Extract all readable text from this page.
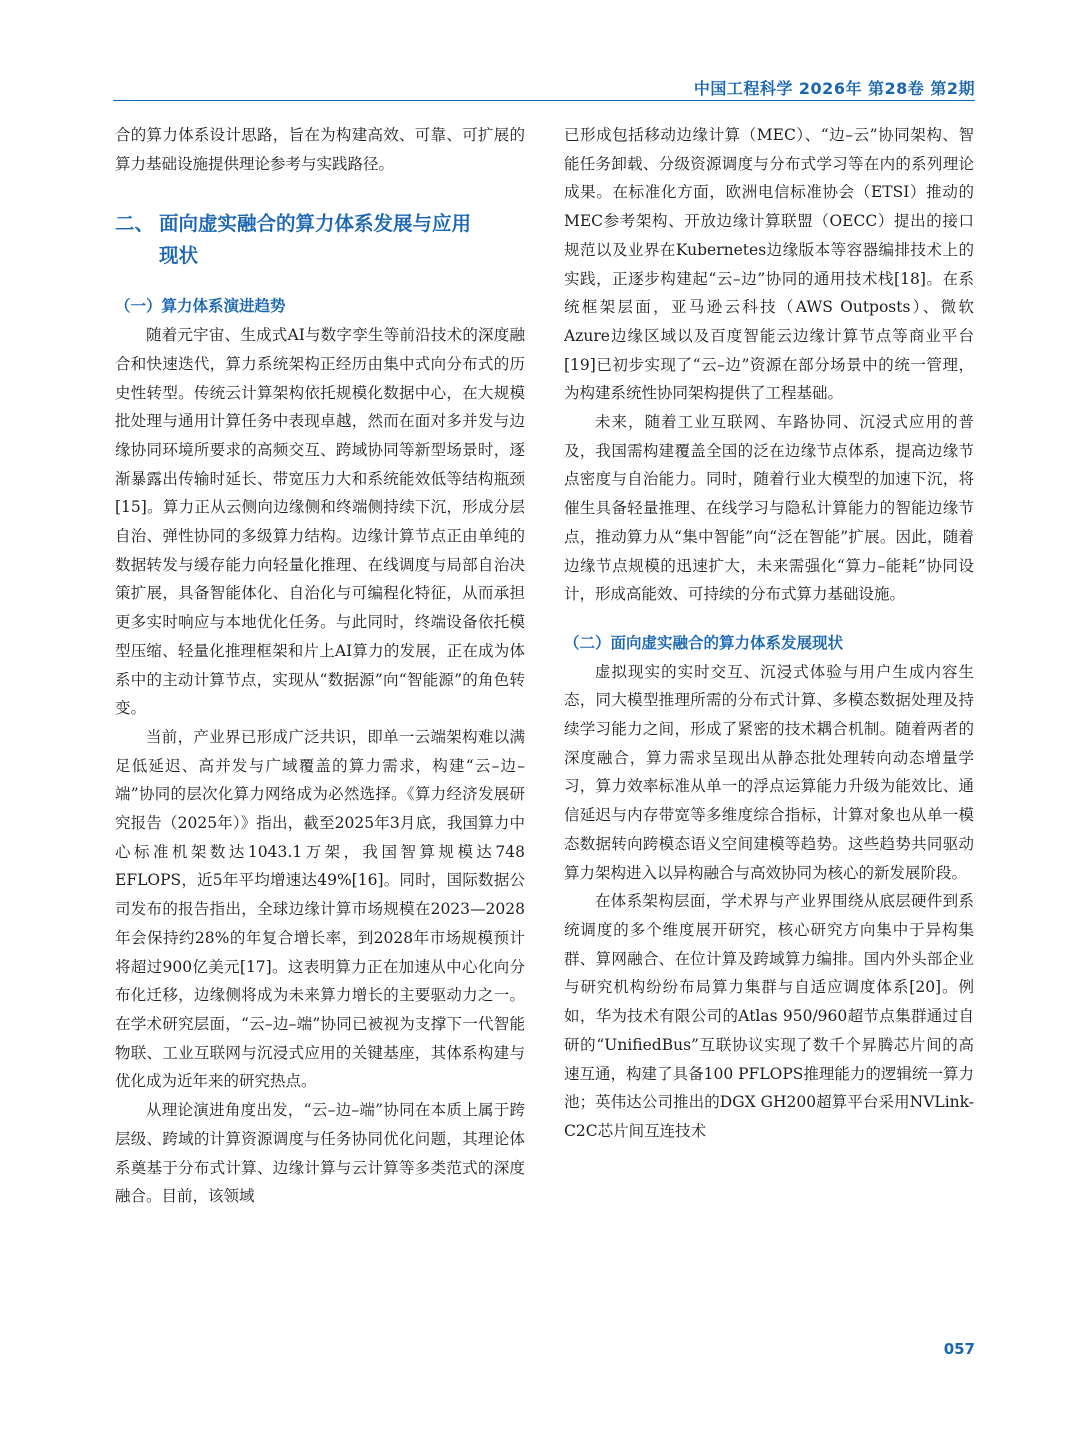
中国工程科学 2026年 第28卷 第2期

合的算力体系设计思路，旨在为构建高效、可靠、可扩展的算力基础设施提供理论参考与实践路径。

二、 面向虚实融合的算力体系发展与应用
现状
（一）算力体系演进趋势

随着元宇宙、生成式AI与数字孪生等前沿技术的深度融合和快速迭代，算力系统架构正经历由集中式向分布式的历史性转型。传统云计算架构依托规模化数据中心，在大规模批处理与通用计算任务中表现卓越，然而在面对多并发与边缘协同环境所要求的高频交互、跨域协同等新型场景时，逐渐暴露出传输时延长、带宽压力大和系统能效低等结构瓶颈[15]。算力正从云侧向边缘侧和终端侧持续下沉，形成分层自治、弹性协同的多级算力结构。边缘计算节点正由单纯的数据转发与缓存能力向轻量化推理、在线调度与局部自治决策扩展，具备智能体化、自治化与可编程化特征，从而承担更多实时响应与本地优化任务。与此同时，终端设备依托模型压缩、轻量化推理框架和片上AI算力的发展，正在成为体系中的主动计算节点，实现从“数据源”向“智能源”的角色转变。

当前，产业界已形成广泛共识，即单一云端架构难以满足低延迟、高并发与广域覆盖的算力需求，构建“云–边–端”协同的层次化算力网络成为必然选择。《算力经济发展研究报告（2025年）》指出，截至2025年3月底，我国算力中心标准机架数达1043.1万架，我国智算规模达748 EFLOPS，近5年平均增速达49%[16]。同时，国际数据公司发布的报告指出，全球边缘计算市场规模在2023—2028年会保持约28%的年复合增长率，到2028年市场规模预计将超过900亿美元[17]。这表明算力正在加速从中心化向分布化迁移，边缘侧将成为未来算力增长的主要驱动力之一。在学术研究层面，“云–边–端”协同已被视为支撑下一代智能物联、工业互联网与沉浸式应用的关键基座，其体系构建与优化成为近年来的研究热点。

从理论演进角度出发，“云–边–端”协同在本质上属于跨层级、跨域的计算资源调度与任务协同优化问题，其理论体系奠基于分布式计算、边缘计算与云计算等多类范式的深度融合。目前，该领域

已形成包括移动边缘计算（MEC）、“边–云”协同架构、智能任务卸载、分级资源调度与分布式学习等在内的系列理论成果。在标准化方面，欧洲电信标准协会（ETSI）推动的MEC参考架构、开放边缘计算联盟（OECC）提出的接口规范以及业界在Kubernetes边缘版本等容器编排技术上的实践，正逐步构建起“云–边”协同的通用技术栈[18]。在系统框架层面，亚马逊云科技（AWS Outposts）、微软Azure边缘区域以及百度智能云边缘计算节点等商业平台[19]已初步实现了“云–边”资源在部分场景中的统一管理，为构建系统性协同架构提供了工程基础。

未来，随着工业互联网、车路协同、沉浸式应用的普及，我国需构建覆盖全国的泛在边缘节点体系，提高边缘节点密度与自治能力。同时，随着行业大模型的加速下沉，将催生具备轻量推理、在线学习与隐私计算能力的智能边缘节点，推动算力从“集中智能”向“泛在智能”扩展。因此，随着边缘节点规模的迅速扩大，未来需强化“算力–能耗”协同设计，形成高能效、可持续的分布式算力基础设施。

（二）面向虚实融合的算力体系发展现状

虚拟现实的实时交互、沉浸式体验与用户生成内容生态，同大模型推理所需的分布式计算、多模态数据处理及持续学习能力之间，形成了紧密的技术耦合机制。随着两者的深度融合，算力需求呈现出从静态批处理转向动态增量学习，算力效率标准从单一的浮点运算能力升级为能效比、通信延迟与内存带宽等多维度综合指标，计算对象也从单一模态数据转向跨模态语义空间建模等趋势。这些趋势共同驱动算力架构进入以异构融合与高效协同为核心的新发展阶段。

在体系架构层面，学术界与产业界围绕从底层硬件到系统调度的多个维度展开研究，核心研究方向集中于异构集群、算网融合、在位计算及跨域算力编排。国内外头部企业与研究机构纷纷布局算力集群与自适应调度体系[20]。例如，华为技术有限公司的Atlas 950/960超节点集群通过自研的“UnifiedBus”互联协议实现了数千个昇腾芯片间的高速互通，构建了具备100 PFLOPS推理能力的逻辑统一算力池；英伟达公司推出的DGX GH200超算平台采用NVLink-C2C芯片间互连技术

057
